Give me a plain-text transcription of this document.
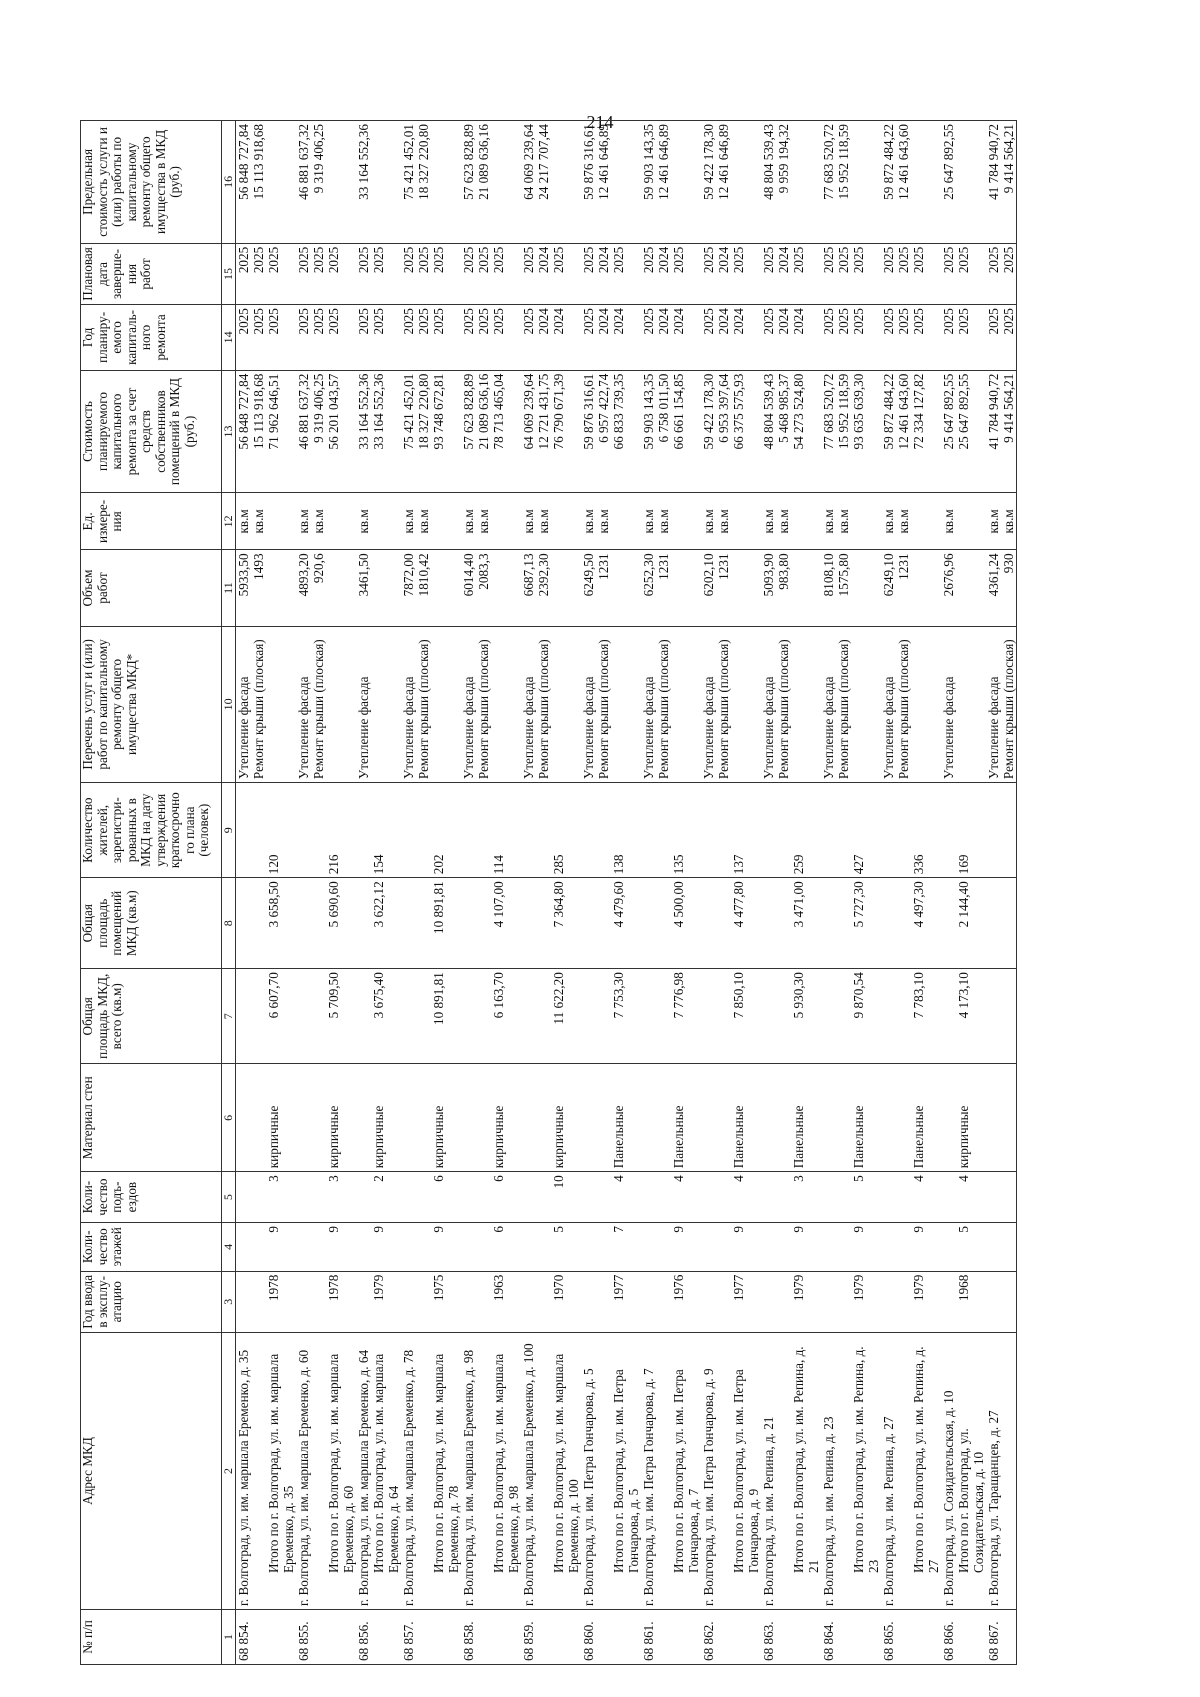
214
№ п/п	Адрес МКД	Год ввода в эксплу-атацию	Коли-чество этажей	Коли-чество подъ-ездов	Материал стен	Общая площадь МКД, всего (кв.м)	Общая площадь помещений МКД (кв.м)	Количество жителей, зарегистри-рованных в МКД на дату утверждения краткосрочно го плана (человек)	Перечень услуг и (или) работ по капитальному ремонту общего имущества МКД*	Объем работ	Ед. измере-ния	Стоимость планируемого капитального ремонта за счет средств собственников помещений в МКД (руб.)	Год планиру-емого капиталь-ного ремонта	Плановая дата заверше-ния работ	Предельная стоимость услуги и (или) работы по капитальному ремонту общего имущества в МКД (руб.)
1	2	3	4	5	6	7	8	9	10	11	12	13	14	15	16
68 854.	г. Волгоград, ул. им. маршала Еременко, д. 35								Утепление фасада	5933,50	кв.м	56 848 727,84	2025	2025	56 848 727,84
									Ремонт крыши (плоская)	1493	кв.м	15 113 918,68	2025	2025	15 113 918,68
	Итого по г. Волгоград, ул. им. маршала Еременко, д. 35	1978	9	3	кирпичные	6 607,70	3 658,50	120				71 962 646,51	2025	2025	
68 855.	г. Волгоград, ул. им. маршала Еременко, д. 60								Утепление фасада	4893,20	кв.м	46 881 637,32	2025	2025	46 881 637,32
									Ремонт крыши (плоская)	920,6	кв.м	9 319 406,25	2025	2025	9 319 406,25
	Итого по г. Волгоград, ул. им. маршала Еременко, д. 60	1978	9	3	кирпичные	5 709,50	5 690,60	216				56 201 043,57	2025	2025	
68 856.	г. Волгоград, ул. им. маршала Еременко, д. 64								Утепление фасада	3461,50	кв.м	33 164 552,36	2025	2025	33 164 552,36
	Итого по г. Волгоград, ул. им. маршала Еременко, д. 64	1979	9	2	кирпичные	3 675,40	3 622,12	154				33 164 552,36	2025	2025	
68 857.	г. Волгоград, ул. им. маршала Еременко, д. 78								Утепление фасада	7872,00	кв.м	75 421 452,01	2025	2025	75 421 452,01
									Ремонт крыши (плоская)	1810,42	кв.м	18 327 220,80	2025	2025	18 327 220,80
	Итого по г. Волгоград, ул. им. маршала Еременко, д. 78	1975	9	6	кирпичные	10 891,81	10 891,81	202				93 748 672,81	2025	2025	
68 858.	г. Волгоград, ул. им. маршала Еременко, д. 98								Утепление фасада	6014,40	кв.м	57 623 828,89	2025	2025	57 623 828,89
									Ремонт крыши (плоская)	2083,3	кв.м	21 089 636,16	2025	2025	21 089 636,16
	Итого по г. Волгоград, ул. им. маршала Еременко, д. 98	1963	6	6	кирпичные	6 163,70	4 107,00	114				78 713 465,04	2025	2025	
68 859.	г. Волгоград, ул. им. маршала Еременко, д. 100								Утепление фасада	6687,13	кв.м	64 069 239,64	2025	2025	64 069 239,64
									Ремонт крыши (плоская)	2392,30	кв.м	12 721 431,75	2024	2024	24 217 707,44
	Итого по г. Волгоград, ул. им. маршала Еременко, д. 100	1970	5	10	кирпичные	11 622,20	7 364,80	285				76 790 671,39	2024	2025	
68 860.	г. Волгоград, ул. им. Петра Гончарова, д. 5								Утепление фасада	6249,50	кв.м	59 876 316,61	2025	2025	59 876 316,61
									Ремонт крыши (плоская)	1231	кв.м	6 957 422,74	2024	2024	12 461 646,89
	Итого по г. Волгоград, ул. им. Петра Гончарова, д. 5	1977	7	4	Панельные	7 753,30	4 479,60	138				66 833 739,35	2024	2025	
68 861.	г. Волгоград, ул. им. Петра Гончарова, д. 7								Утепление фасада	6252,30	кв.м	59 903 143,35	2025	2025	59 903 143,35
									Ремонт крыши (плоская)	1231	кв.м	6 758 011,50	2024	2024	12 461 646,89
	Итого по г. Волгоград, ул. им. Петра Гончарова, д. 7	1976	9	4	Панельные	7 776,98	4 500,00	135				66 661 154,85	2024	2025	
68 862.	г. Волгоград, ул. им. Петра Гончарова, д. 9								Утепление фасада	6202,10	кв.м	59 422 178,30	2025	2025	59 422 178,30
									Ремонт крыши (плоская)	1231	кв.м	6 953 397,64	2024	2024	12 461 646,89
	Итого по г. Волгоград, ул. им. Петра Гончарова, д. 9	1977	9	4	Панельные	7 850,10	4 477,80	137				66 375 575,93	2024	2025	
68 863.	г. Волгоград, ул. им. Репина, д. 21								Утепление фасада	5093,90	кв.м	48 804 539,43	2025	2025	48 804 539,43
									Ремонт крыши (плоская)	983,80	кв.м	5 468 985,37	2024	2024	9 959 194,32
	Итого по г. Волгоград, ул. им. Репина, д. 21	1979	9	3	Панельные	5 930,30	3 471,00	259				54 273 524,80	2024	2025	
68 864.	г. Волгоград, ул. им. Репина, д. 23								Утепление фасада	8108,10	кв.м	77 683 520,72	2025	2025	77 683 520,72
									Ремонт крыши (плоская)	1575,80	кв.м	15 952 118,59	2025	2025	15 952 118,59
	Итого по г. Волгоград, ул. им. Репина, д. 23	1979	9	5	Панельные	9 870,54	5 727,30	427				93 635 639,30	2025	2025	
68 865.	г. Волгоград, ул. им. Репина, д. 27								Утепление фасада	6249,10	кв.м	59 872 484,22	2025	2025	59 872 484,22
									Ремонт крыши (плоская)	1231	кв.м	12 461 643,60	2025	2025	12 461 643,60
	Итого по г. Волгоград, ул. им. Репина, д. 27	1979	9	4	Панельные	7 783,10	4 497,30	336				72 334 127,82	2025	2025	
68 866.	г. Волгоград, ул. Созидательская, д. 10								Утепление фасада	2676,96	кв.м	25 647 892,55	2025	2025	25 647 892,55
	Итого по г. Волгоград, ул. Созидательская, д. 10	1968	5	4	кирпичные	4 173,10	2 144,40	169				25 647 892,55	2025	2025	
68 867.	г. Волгоград, ул. Таращанцев, д. 27								Утепление фасада	4361,24	кв.м	41 784 940,72	2025	2025	41 784 940,72
									Ремонт крыши (плоская)	930	кв.м	9 414 564,21	2025	2025	9 414 564,21
